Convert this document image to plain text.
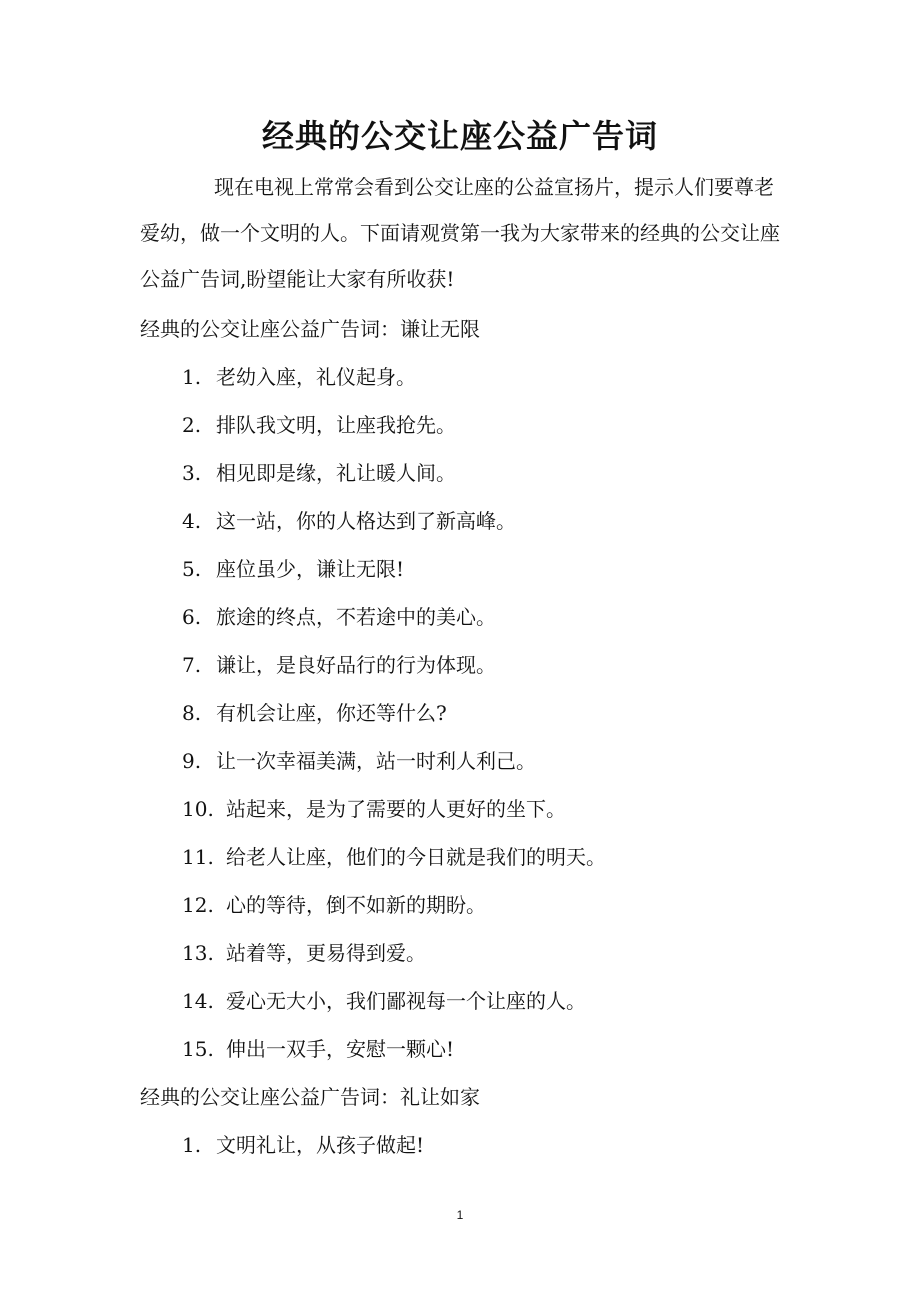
经典的公交让座公益广告词

现在电视上常常会看到公交让座的公益宣扬片，提示人们要尊老爱幼，做一个文明的人。下面请观赏第一我为大家带来的经典的公交让座公益广告词,盼望能让大家有所收获!

经典的公交让座公益广告词：谦让无限

1. 老幼入座，礼仪起身。

2. 排队我文明，让座我抢先。

3. 相见即是缘，礼让暖人间。

4. 这一站，你的人格达到了新高峰。

5. 座位虽少，谦让无限!

6. 旅途的终点，不若途中的美心。

7. 谦让，是良好品行的行为体现。

8. 有机会让座，你还等什么?

9. 让一次幸福美满，站一时利人利己。

10. 站起来，是为了需要的人更好的坐下。

11. 给老人让座，他们的今日就是我们的明天。

12. 心的等待，倒不如新的期盼。

13. 站着等，更易得到爱。

14. 爱心无大小，我们鄙视每一个让座的人。

15. 伸出一双手，安慰一颗心!

经典的公交让座公益广告词：礼让如家

1. 文明礼让，从孩子做起!

1
